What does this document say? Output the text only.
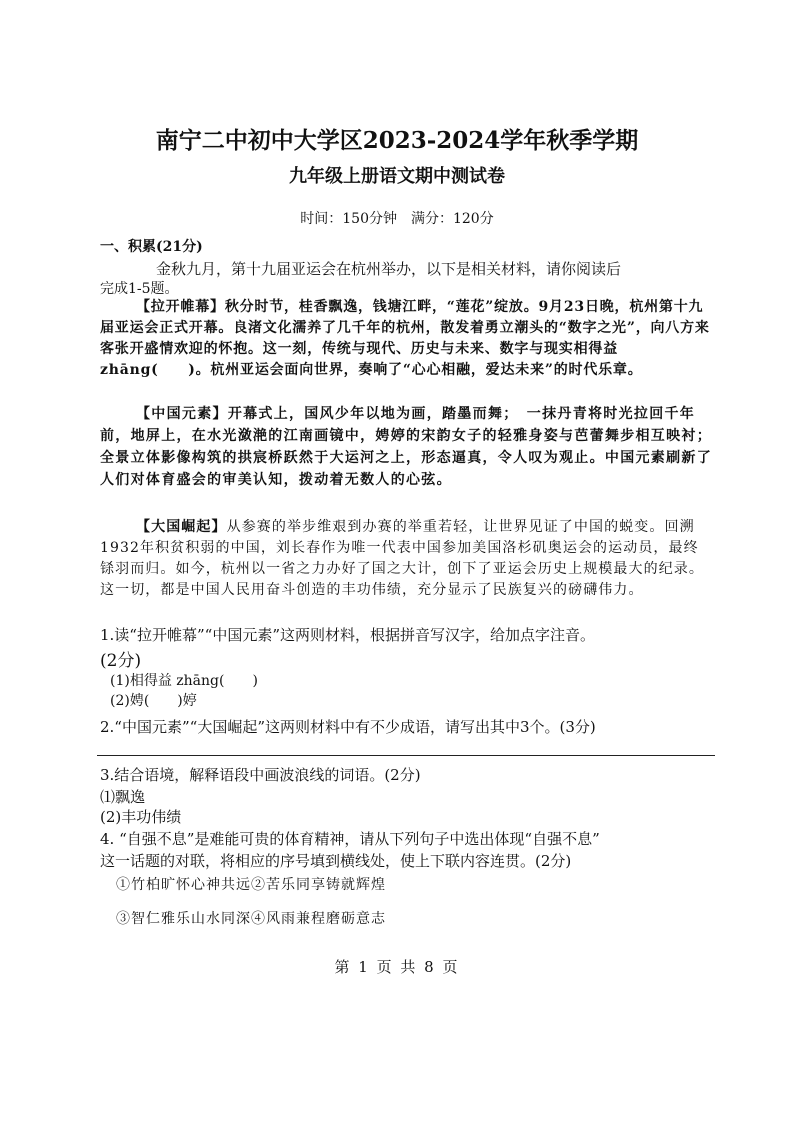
南宁二中初中大学区2023-2024学年秋季学期
九年级上册语文期中测试卷
时间：150分钟　满分：120分
一、积累(21分)
金秋九月，第十九届亚运会在杭州举办，以下是相关材料，请你阅读后
完成1-5题。
【拉开帷幕】秋分时节，桂香飘逸，钱塘江畔，“莲花”绽放。9月23日晚，杭州第十九届亚运会正式开幕。良渚文化濡养了几千年的杭州，散发着勇立潮头的“数字之光”，向八方来客张开盛情欢迎的怀抱。这一刻，传统与现代、历史与未来、数字与现实相得益zhāng(　　)。杭州亚运会面向世界，奏响了“心心相融，爱达未来”的时代乐章。
【中国元素】开幕式上，国风少年以地为画，踏墨而舞；　一抹丹青将时光拉回千年前，地屏上，在水光潋滟的江南画镜中，娉婷的宋韵女子的轻雅身姿与芭蕾舞步相互映衬；全景立体影像构筑的拱宸桥跃然于大运河之上，形态逼真，令人叹为观止。中国元素刷新了人们对体育盛会的审美认知，拨动着无数人的心弦。
【大国崛起】从参赛的举步维艰到办赛的举重若轻，让世界见证了中国的蜕变。回溯1932年积贫积弱的中国，刘长春作为唯一代表中国参加美国洛杉矶奥运会的运动员，最终铩羽而归。如今，杭州以一省之力办好了国之大计，创下了亚运会历史上规模最大的纪录。这一切，都是中国人民用奋斗创造的丰功伟绩，充分显示了民族复兴的磅礴伟力。
1.读“拉开帷幕”“中国元素”这两则材料，根据拼音写汉字，给加点字注音。
(2分)
(1)相得益 zhāng(　　)
(2)娉(　　)婷
2.“中国元素”“大国崛起”这两则材料中有不少成语，请写出其中3个。(3分)
3.结合语境，解释语段中画波浪线的词语。(2分)
⑴飘逸
(2)丰功伟绩
4. “自强不息”是难能可贵的体育精神，请从下列句子中选出体现“自强不息”
这一话题的对联，将相应的序号填到横线处，使上下联内容连贯。(2分)
①竹柏旷怀心神共远②苦乐同享铸就辉煌
③智仁雅乐山水同深④风雨兼程磨砺意志
第 1 页 共 8 页
